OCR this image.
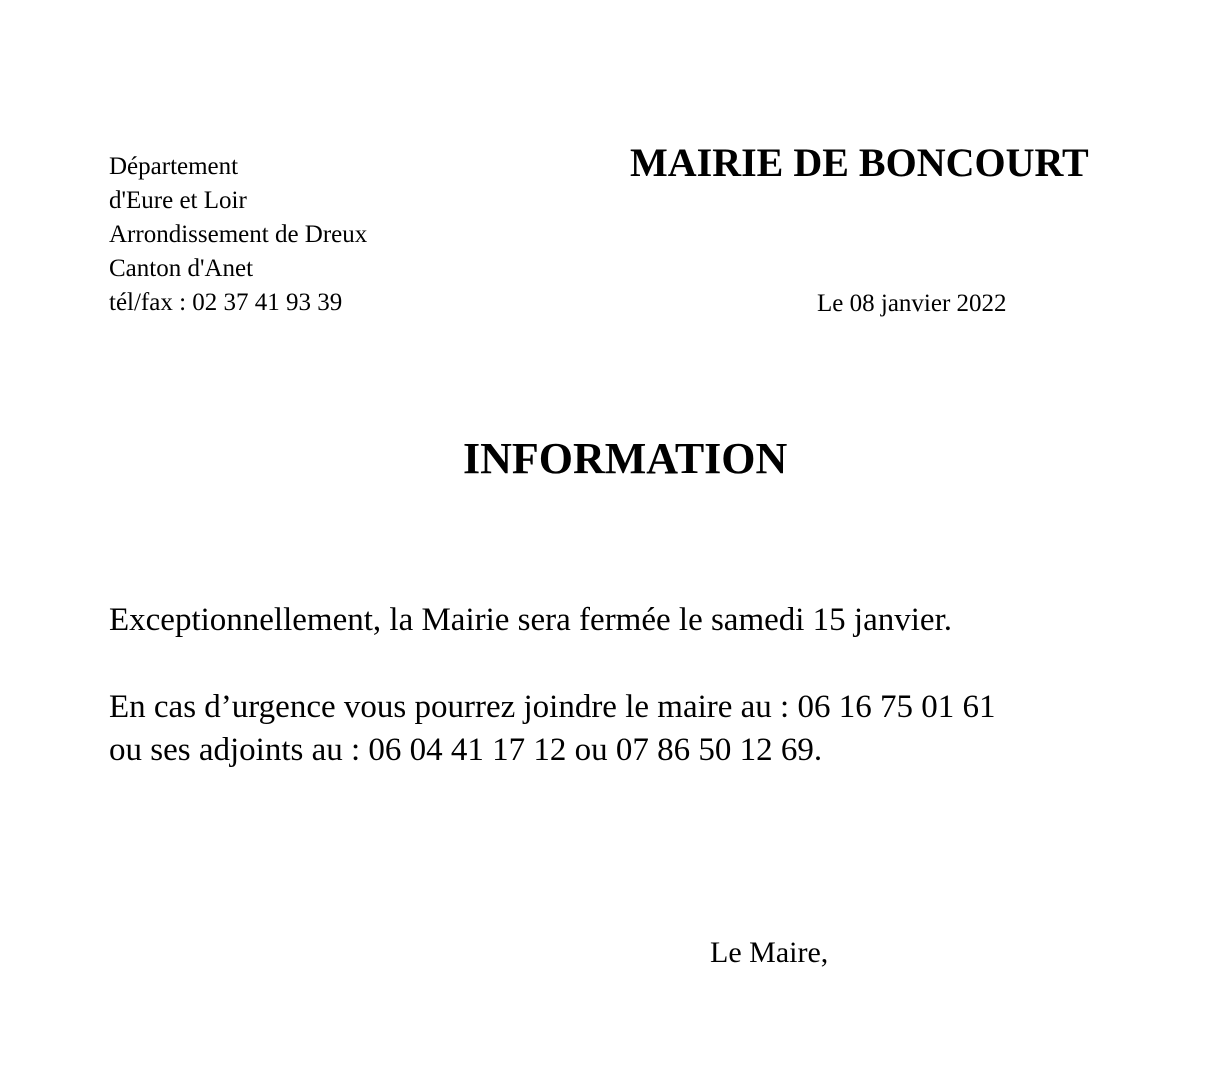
Département
d'Eure et Loir
Arrondissement de Dreux
Canton d'Anet
tél/fax : 02 37 41 93 39
MAIRIE DE BONCOURT
Le 08 janvier 2022
INFORMATION
Exceptionnellement, la Mairie sera fermée le samedi 15 janvier.
En cas d’urgence vous pourrez joindre le maire au : 06 16 75 01 61
ou ses adjoints au : 06 04 41 17 12 ou 07 86 50 12 69.
Le Maire,
